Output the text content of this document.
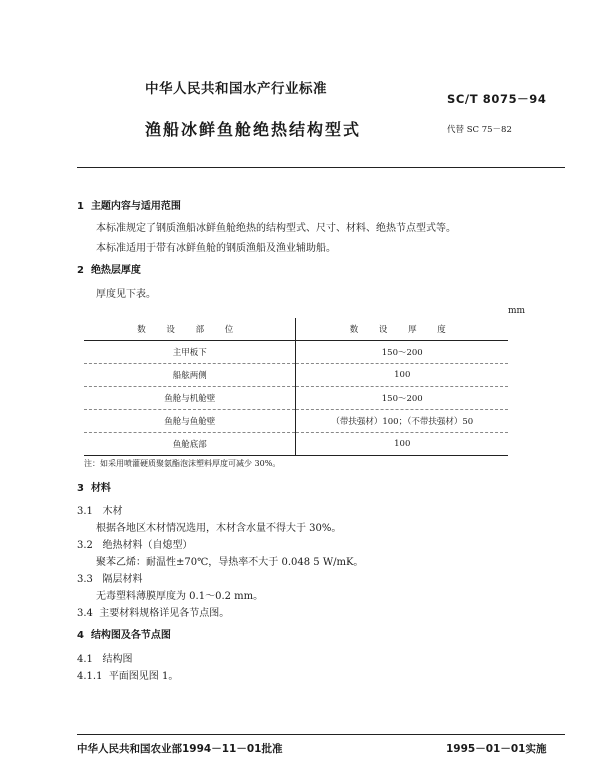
中华人民共和国水产行业标准
SC/T 8075－94
渔船冰鲜鱼舱绝热结构型式	代替 SC 75－82
1 主题内容与适用范围
本标准规定了钢质渔船冰鲜鱼舱绝热的结构型式、尺寸、材料、绝热节点型式等。
本标准适用于带有冰鲜鱼舱的钢质渔船及渔业辅助船。
2 绝热层厚度
厚度见下表。
mm
数 设 部 位	数 设 厚 度
主甲板下	150～200
船舷两侧	100
鱼舱与机舱壁	150～200
鱼舱与鱼舱壁	（带扶强材）100；（不带扶强材）50
鱼舱底部	100
注：如采用喷灌硬质聚氨酯泡沫塑料厚度可减少 30%。
3 材料
3.1 木材
根据各地区木材情况选用，木材含水量不得大于 30%。
3.2 绝热材料（自熄型）
聚苯乙烯：耐温性±70℃，导热率不大于 0.048 5 W/mK。
3.3 隔层材料
无毒塑料薄膜厚度为 0.1～0.2 mm。
3.4 主要材料规格详见各节点图。
4 结构图及各节点图
4.1 结构图
4.1.1 平面图见图 1。
中华人民共和国农业部1994－11－01批准	1995－01－01实施
